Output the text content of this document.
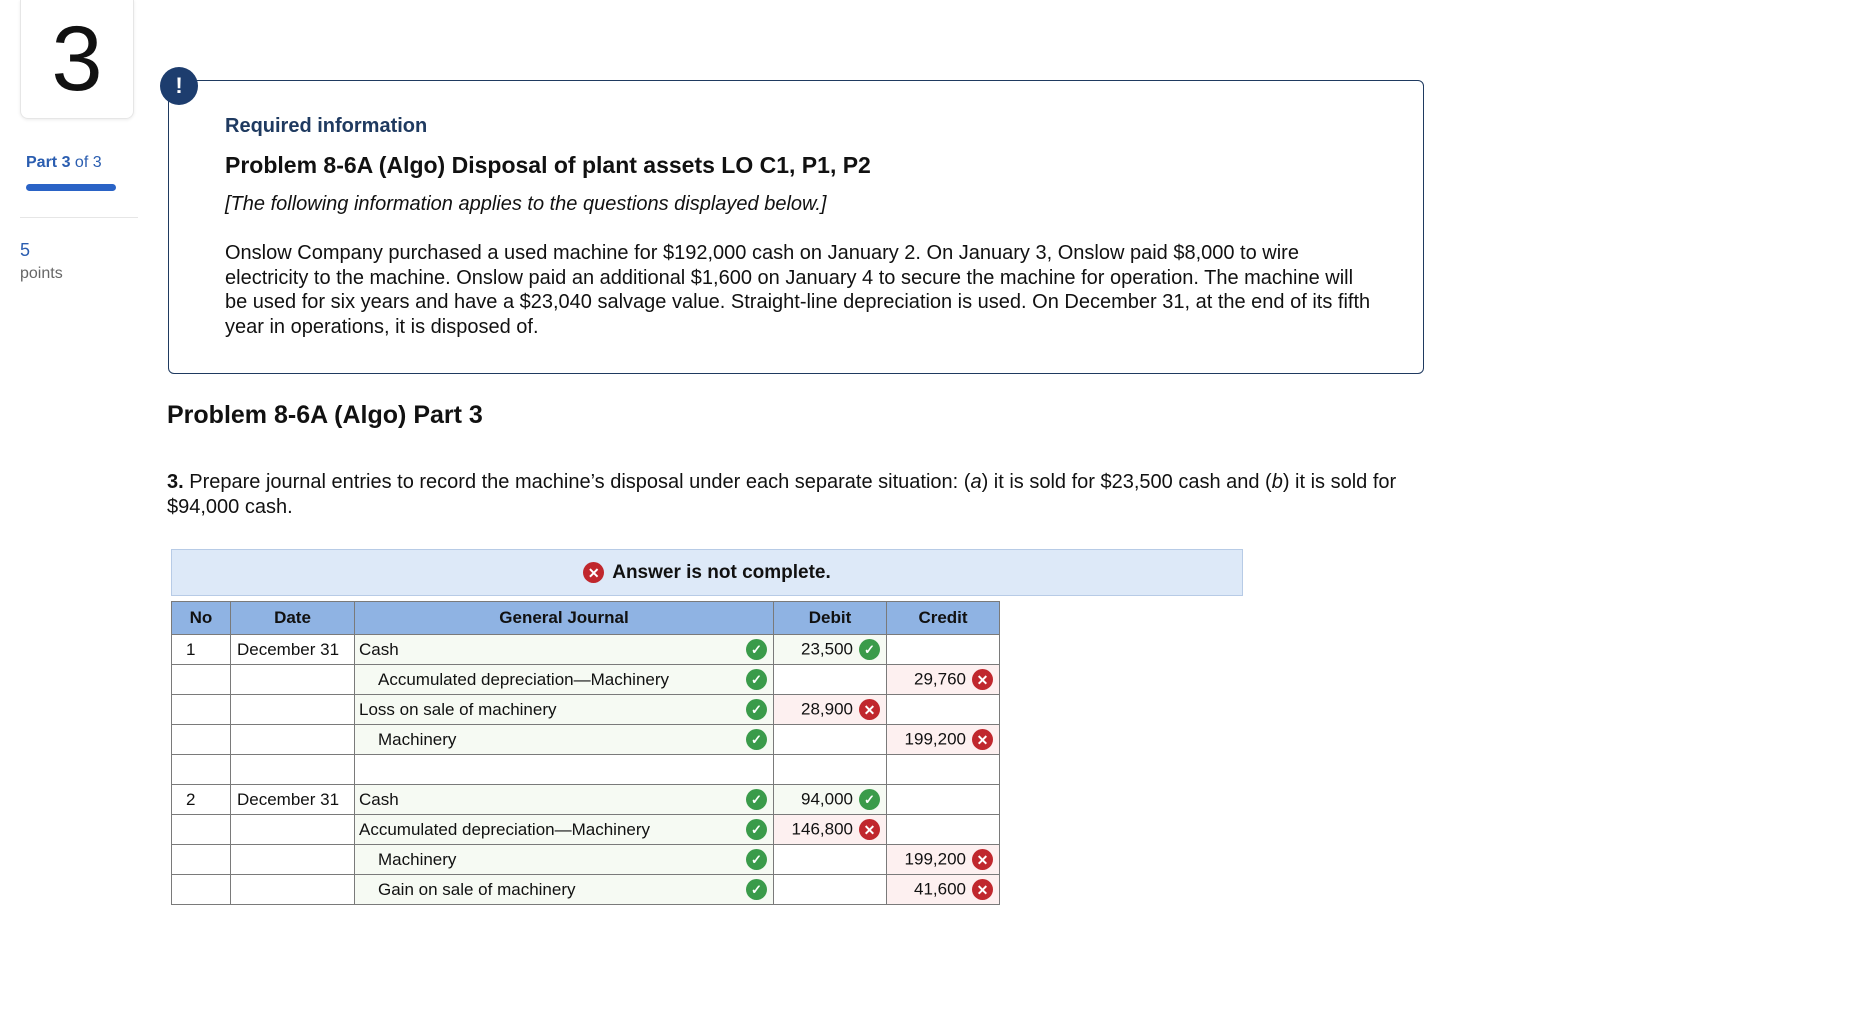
3
Part 3 of 3
5
points
!
Required information
Problem 8-6A (Algo) Disposal of plant assets LO C1, P1, P2
[The following information applies to the questions displayed below.]
Onslow Company purchased a used machine for $192,000 cash on January 2. On January 3, Onslow paid $8,000 to wire electricity to the machine. Onslow paid an additional $1,600 on January 4 to secure the machine for operation. The machine will be used for six years and have a $23,040 salvage value. Straight-line depreciation is used. On December 31, at the end of its fifth year in operations, it is disposed of.
Problem 8-6A (Algo) Part 3
3. Prepare journal entries to record the machine’s disposal under each separate situation: (a) it is sold for $23,500 cash and (b) it is sold for $94,000 cash.
✕ Answer is not complete.
No	Date	General Journal	Debit	Credit
1	December 31	Cash ✓	23,500 ✓	
		Accumulated depreciation—Machinery ✓		29,760 ✕
		Loss on sale of machinery ✓	28,900 ✕	
		Machinery ✓		199,200 ✕

2	December 31	Cash ✓	94,000 ✓	
		Accumulated depreciation—Machinery ✓	146,800 ✕	
		Machinery ✓		199,200 ✕
		Gain on sale of machinery ✓		41,600 ✕
